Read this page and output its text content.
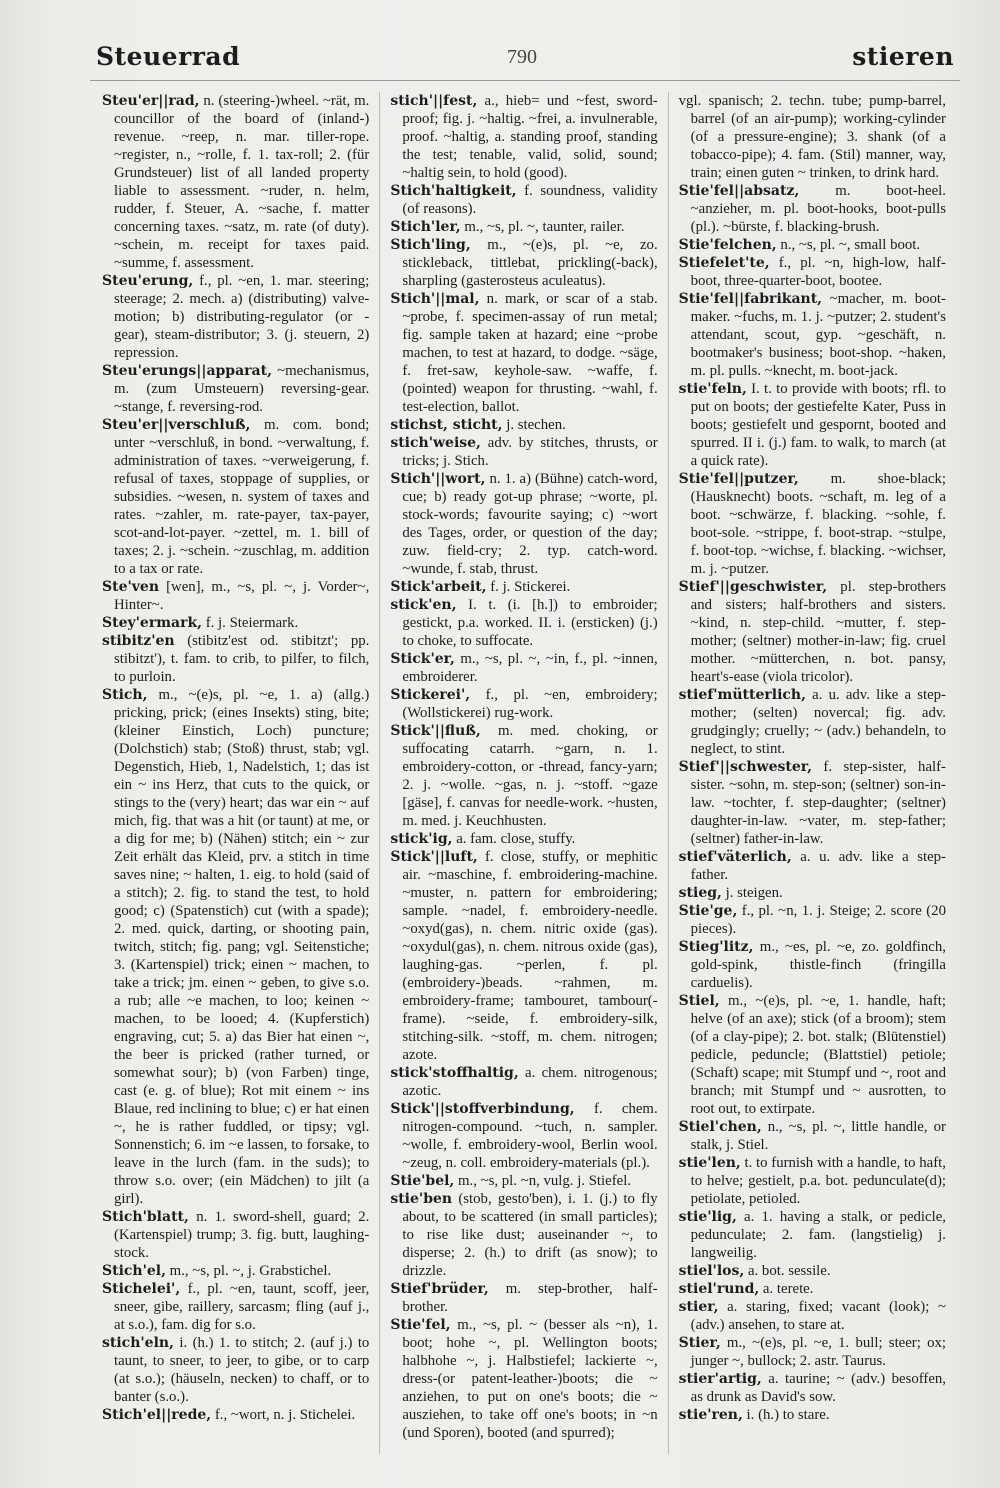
Steuerrad	790	stieren

Steu'er||rad, n. (steering-)wheel. ~rät, m. councillor of the board of (inland-) revenue. ~reep, n. mar. tiller-rope. ~register, n., ~rolle, f. 1. tax-roll; 2. (für Grundsteuer) list of all landed property liable to assessment. ~ruder, n. helm, rudder, f. Steuer, A. ~sache, f. matter concerning taxes. ~satz, m. rate (of duty). ~schein, m. receipt for taxes paid. ~summe, f. assessment.

Steu'erung, f., pl. ~en, 1. mar. steering; steerage; 2. mech. a) (distributing) valve-motion; b) distributing-regulator (or -gear), steam-distributor; 3. (j. steuern, 2) repression.

Steu'erungs||apparat, ~mechanismus, m. (zum Umsteuern) reversing-gear. ~stange, f. reversing-rod.

Steu'er||verschluß, m. com. bond; unter ~verschluß, in bond. ~verwaltung, f. administration of taxes. ~verweigerung, f. refusal of taxes, stoppage of supplies, or subsidies. ~wesen, n. system of taxes and rates. ~zahler, m. rate-payer, tax-payer, scot-and-lot-payer. ~zettel, m. 1. bill of taxes; 2. j. ~schein. ~zuschlag, m. addition to a tax or rate.

Ste'ven [wen], m., ~s, pl. ~, j. Vorder~, Hinter~.

Stey'ermark, f. j. Steiermark.

stibitz'en (stibitz'est od. stibitzt'; pp. stibitzt'), t. fam. to crib, to pilfer, to filch, to purloin.

Stich, m., ~(e)s, pl. ~e, 1. a) (allg.) pricking, prick; (eines Insekts) sting, bite; (kleiner Einstich, Loch) puncture; (Dolchstich) stab; (Stoß) thrust, stab; vgl. Degenstich, Hieb, 1, Nadelstich, 1; das ist ein ~ ins Herz, that cuts to the quick, or stings to the (very) heart; das war ein ~ auf mich, fig. that was a hit (or taunt) at me, or a dig for me; b) (Nähen) stitch; ein ~ zur Zeit erhält das Kleid, prv. a stitch in time saves nine; ~ halten, 1. eig. to hold (said of a stitch); 2. fig. to stand the test, to hold good; c) (Spatenstich) cut (with a spade); 2. med. quick, darting, or shooting pain, twitch, stitch; fig. pang; vgl. Seitenstiche; 3. (Kartenspiel) trick; einen ~ machen, to take a trick; jm. einen ~ geben, to give s.o. a rub; alle ~e machen, to loo; keinen ~ machen, to be looed; 4. (Kupferstich) engraving, cut; 5. a) das Bier hat einen ~, the beer is pricked (rather turned, or somewhat sour); b) (von Farben) tinge, cast (e. g. of blue); Rot mit einem ~ ins Blaue, red inclining to blue; c) er hat einen ~, he is rather fuddled, or tipsy; vgl. Sonnenstich; 6. im ~e lassen, to forsake, to leave in the lurch (fam. in the suds); to throw s.o. over; (ein Mädchen) to jilt (a girl).

Stich'blatt, n. 1. sword-shell, guard; 2. (Kartenspiel) trump; 3. fig. butt, laughing-stock.

Stich'el, m., ~s, pl. ~, j. Grabstichel.

Stichelei', f., pl. ~en, taunt, scoff, jeer, sneer, gibe, raillery, sarcasm; fling (auf j., at s.o.), fam. dig for s.o.

stich'eln, i. (h.) 1. to stitch; 2. (auf j.) to taunt, to sneer, to jeer, to gibe, or to carp (at s.o.); (häuseln, necken) to chaff, or to banter (s.o.).

Stich'el||rede, f., ~wort, n. j. Stichelei.

stich'||fest, a., hieb= und ~fest, sword-proof; fig. j. ~haltig. ~frei, a. invulnerable, proof. ~haltig, a. standing proof, standing the test; tenable, valid, solid, sound; ~haltig sein, to hold (good).

Stich'haltigkeit, f. soundness, validity (of reasons).

Stich'ler, m., ~s, pl. ~, taunter, railer.

Stich'ling, m., ~(e)s, pl. ~e, zo. stickleback, tittlebat, prickling(-back), sharpling (gasterosteus aculeatus).

Stich'||mal, n. mark, or scar of a stab. ~probe, f. specimen-assay of run metal; fig. sample taken at hazard; eine ~probe machen, to test at hazard, to dodge. ~säge, f. fret-saw, keyhole-saw. ~waffe, f. (pointed) weapon for thrusting. ~wahl, f. test-election, ballot.

stichst, sticht, j. stechen.

stich'weise, adv. by stitches, thrusts, or tricks; j. Stich.

Stich'||wort, n. 1. a) (Bühne) catch-word, cue; b) ready got-up phrase; ~worte, pl. stock-words; favourite saying; c) ~wort des Tages, order, or question of the day; zuw. field-cry; 2. typ. catch-word. ~wunde, f. stab, thrust.

Stick'arbeit, f. j. Stickerei.

stick'en, I. t. (i. [h.]) to embroider; gestickt, p.a. worked. II. i. (ersticken) (j.) to choke, to suffocate.

Stick'er, m., ~s, pl. ~, ~in, f., pl. ~innen, embroiderer.

Stickerei', f., pl. ~en, embroidery; (Wollstickerei) rug-work.

Stick'||fluß, m. med. choking, or suffocating catarrh. ~garn, n. 1. embroidery-cotton, or -thread, fancy-yarn; 2. j. ~wolle. ~gas, n. j. ~stoff. ~gaze [gäse], f. canvas for needle-work. ~husten, m. med. j. Keuchhusten.

stick'ig, a. fam. close, stuffy.

Stick'||luft, f. close, stuffy, or mephitic air. ~maschine, f. embroidering-machine. ~muster, n. pattern for embroidering; sample. ~nadel, f. embroidery-needle. ~oxyd(gas), n. chem. nitric oxide (gas). ~oxydul(gas), n. chem. nitrous oxide (gas), laughing-gas. ~perlen, f. pl. (embroidery-)beads. ~rahmen, m. embroidery-frame; tambouret, tambour(-frame). ~seide, f. embroidery-silk, stitching-silk. ~stoff, m. chem. nitrogen; azote.

stick'stoffhaltig, a. chem. nitrogenous; azotic.

Stick'||stoffverbindung, f. chem. nitrogen-compound. ~tuch, n. sampler. ~wolle, f. embroidery-wool, Berlin wool. ~zeug, n. coll. embroidery-materials (pl.).

Stie'bel, m., ~s, pl. ~n, vulg. j. Stiefel.

stie'ben (stob, gesto'ben), i. 1. (j.) to fly about, to be scattered (in small particles); to rise like dust; auseinander ~, to disperse; 2. (h.) to drift (as snow); to drizzle.

Stief'brüder, m. step-brother, half-brother.

Stie'fel, m., ~s, pl. ~ (besser als ~n), 1. boot; hohe ~, pl. Wellington boots; halbhohe ~, j. Halbstiefel; lackierte ~, dress-(or patent-leather-)boots; die ~ anziehen, to put on one's boots; die ~ ausziehen, to take off one's boots; in ~n (und Sporen), booted (and spurred);

vgl. spanisch; 2. techn. tube; pump-barrel, barrel (of an air-pump); working-cylinder (of a pressure-engine); 3. shank (of a tobacco-pipe); 4. fam. (Stil) manner, way, train; einen guten ~ trinken, to drink hard.

Stie'fel||absatz, m. boot-heel. ~anzieher, m. pl. boot-hooks, boot-pulls (pl.). ~bürste, f. blacking-brush.

Stie'felchen, n., ~s, pl. ~, small boot.

Stiefelet'te, f., pl. ~n, high-low, half-boot, three-quarter-boot, bootee.

Stie'fel||fabrikant, ~macher, m. boot-maker. ~fuchs, m. 1. j. ~putzer; 2. student's attendant, scout, gyp. ~geschäft, n. bootmaker's business; boot-shop. ~haken, m. pl. pulls. ~knecht, m. boot-jack.

stie'feln, I. t. to provide with boots; rfl. to put on boots; der gestiefelte Kater, Puss in boots; gestiefelt und gespornt, booted and spurred. II i. (j.) fam. to walk, to march (at a quick rate).

Stie'fel||putzer, m. shoe-black; (Hausknecht) boots. ~schaft, m. leg of a boot. ~schwärze, f. blacking. ~sohle, f. boot-sole. ~strippe, f. boot-strap. ~stulpe, f. boot-top. ~wichse, f. blacking. ~wichser, m. j. ~putzer.

Stief'||geschwister, pl. step-brothers and sisters; half-brothers and sisters. ~kind, n. step-child. ~mutter, f. step-mother; (seltner) mother-in-law; fig. cruel mother. ~mütterchen, n. bot. pansy, heart's-ease (viola tricolor).

stief'mütterlich, a. u. adv. like a step-mother; (selten) novercal; fig. adv. grudgingly; cruelly; ~ (adv.) behandeln, to neglect, to stint.

Stief'||schwester, f. step-sister, half-sister. ~sohn, m. step-son; (seltner) son-in-law. ~tochter, f. step-daughter; (seltner) daughter-in-law. ~vater, m. step-father; (seltner) father-in-law.

stief'väterlich, a. u. adv. like a step-father.

stieg, j. steigen.

Stie'ge, f., pl. ~n, 1. j. Steige; 2. score (20 pieces).

Stieg'litz, m., ~es, pl. ~e, zo. goldfinch, gold-spink, thistle-finch (fringilla carduelis).

Stiel, m., ~(e)s, pl. ~e, 1. handle, haft; helve (of an axe); stick (of a broom); stem (of a clay-pipe); 2. bot. stalk; (Blütenstiel) pedicle, peduncle; (Blattstiel) petiole; (Schaft) scape; mit Stumpf und ~, root and branch; mit Stumpf und ~ ausrotten, to root out, to extirpate.

Stiel'chen, n., ~s, pl. ~, little handle, or stalk, j. Stiel.

stie'len, t. to furnish with a handle, to haft, to helve; gestielt, p.a. bot. pedunculate(d); petiolate, petioled.

stie'lig, a. 1. having a stalk, or pedicle, pedunculate; 2. fam. (langstielig) j. langweilig.

stiel'los, a. bot. sessile.

stiel'rund, a. terete.

stier, a. staring, fixed; vacant (look); ~ (adv.) ansehen, to stare at.

Stier, m., ~(e)s, pl. ~e, 1. bull; steer; ox; junger ~, bullock; 2. astr. Taurus.

stier'artig, a. taurine; ~ (adv.) besoffen, as drunk as David's sow.

stie'ren, i. (h.) to stare.
